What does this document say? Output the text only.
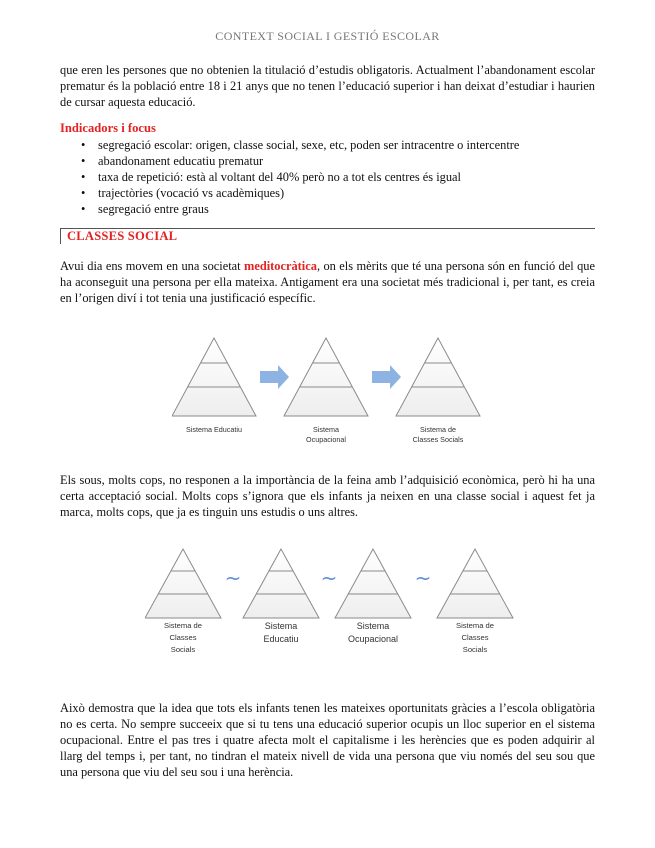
CONTEXT SOCIAL I GESTIÓ ESCOLAR

que eren les persones que no obtenien la titulació d’estudis obligatoris. Actualment l’abandonament escolar prematur és la població entre 18 i 21 anys que no tenen l’educació superior i han deixat d’estudiar i haurien de cursar aquesta educació.

Indicadors i focus
• segregació escolar: origen, classe social, sexe, etc, poden ser intracentre o intercentre
• abandonament educatiu prematur
• taxa de repetició: està al voltant del 40% però no a tot els centres és igual
• trajectòries (vocació vs acadèmiques)
• segregació entre graus
CLASSES SOCIAL

Avui dia ens movem en una societat meditocràtica, on els mèrits que té una persona són en funció del que ha aconseguit una persona per ella mateixa. Antigament era una societat més tradicional i, per tant, es creia en l’origen diví i tot tenia una justificació específic.

Sistema Educatiu	Sistema
Ocupacional
Sistema de
Classes Socials

Els sous, molts cops, no responen a la importància de la feina amb l’adquisició econòmica, però hi ha una certa acceptació social. Molts cops s’ignora que els infants ja neixen en una classe social i aquest fet ja marca, molts cops, que ja es tinguin uns estudis o uns altres.

~	~	~
Sistema de
Classes
Socials
Sistema
Educatiu
Sistema
Ocupacional
Sistema de
Classes
Socials

Això demostra que la idea que tots els infants tenen les mateixes oportunitats gràcies a l’escola obligatòria no es certa. No sempre succeeix que si tu tens una educació superior ocupis un lloc superior en el sistema ocupacional. Entre el pas tres i quatre afecta molt el capitalisme i les herències que es poden adquirir al llarg del temps i, per tant, no tindran el mateix nivell de vida una persona que viu només del seu sou que una persona que viu del seu sou i una herència.
